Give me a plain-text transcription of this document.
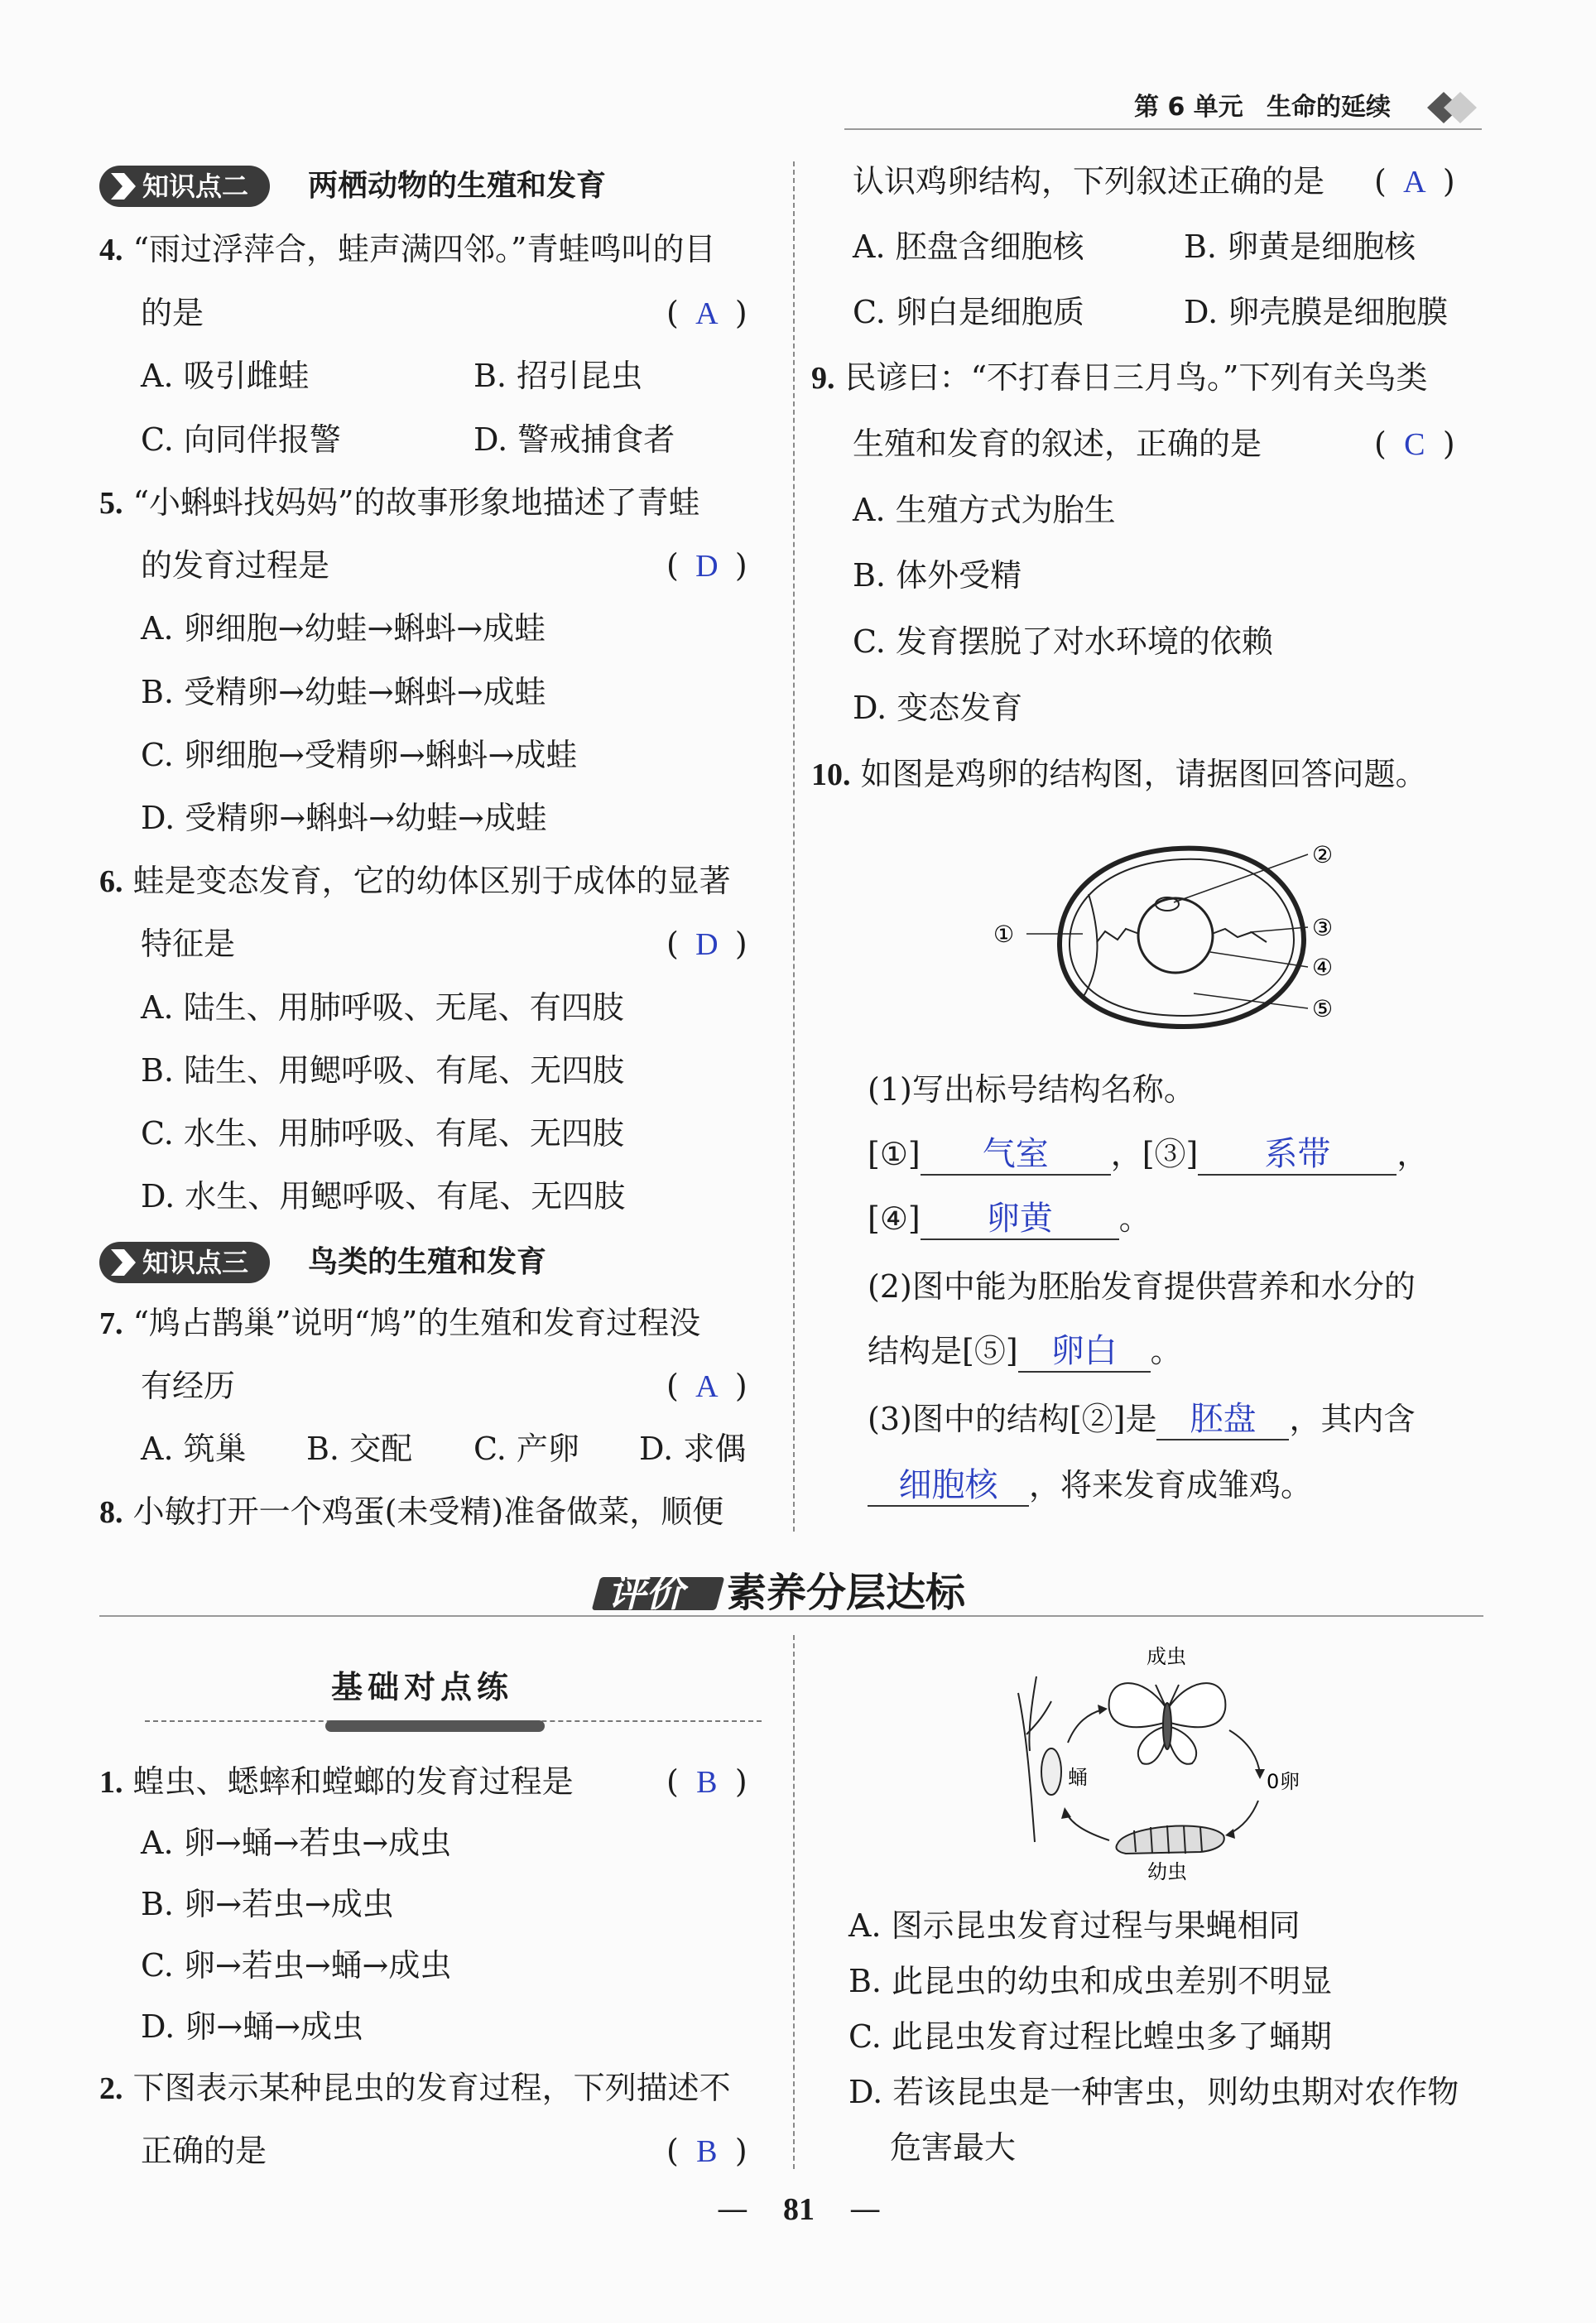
第 6 单元 生命的延续
知识点二	两栖动物的生殖和发育
4. “雨过浮萍合，蛙声满四邻。”青蛙鸣叫的目
的是	( A )
A. 吸引雌蛙	B. 招引昆虫
C. 向同伴报警	D. 警戒捕食者
5. “小蝌蚪找妈妈”的故事形象地描述了青蛙
的发育过程是	( D )
A. 卵细胞→幼蛙→蝌蚪→成蛙
B. 受精卵→幼蛙→蝌蚪→成蛙
C. 卵细胞→受精卵→蝌蚪→成蛙
D. 受精卵→蝌蚪→幼蛙→成蛙
6. 蛙是变态发育，它的幼体区别于成体的显著
特征是	( D )
A. 陆生、用肺呼吸、无尾、有四肢
B. 陆生、用鳃呼吸、有尾、无四肢
C. 水生、用肺呼吸、有尾、无四肢
D. 水生、用鳃呼吸、有尾、无四肢
知识点三	鸟类的生殖和发育
7. “鸠占鹊巢”说明“鸠”的生殖和发育过程没
有经历	( A )
A. 筑巢 B. 交配 C. 产卵 D. 求偶
8. 小敏打开一个鸡蛋(未受精)准备做菜，顺便
认识鸡卵结构，下列叙述正确的是 ( A )
A. 胚盘含细胞核	B. 卵黄是细胞核
C. 卵白是细胞质	D. 卵壳膜是细胞膜
9. 民谚曰：“不打春日三月鸟。”下列有关鸟类
生殖和发育的叙述，正确的是	( C )
A. 生殖方式为胎生
B. 体外受精
C. 发育摆脱了对水环境的依赖
D. 变态发育
10. 如图是鸡卵的结构图，请据图回答问题。
①
②
③
④
⑤
(1)写出标号结构名称。
[①] 气室 ，[③] 系带 ，
[④] 卵黄 。
(2)图中能为胚胎发育提供营养和水分的
结构是[⑤] 卵白 。
(3)图中的结构[②]是 胚盘 ，其内含
细胞核 ，将来发育成雏鸡。
评价 素养分层达标
基础对点练
1. 蝗虫、蟋蟀和螳螂的发育过程是	( B )
A. 卵→蛹→若虫→成虫
B. 卵→若虫→成虫
C. 卵→若虫→蛹→成虫
D. 卵→蛹→成虫
2. 下图表示某种昆虫的发育过程，下列描述不
正确的是	( B )
成虫
0 卵
幼虫
蛹
A. 图示昆虫发育过程与果蝇相同
B. 此昆虫的幼虫和成虫差别不明显
C. 此昆虫发育过程比蝗虫多了蛹期
D. 若该昆虫是一种害虫，则幼虫期对农作物
危害最大
— 81 —
